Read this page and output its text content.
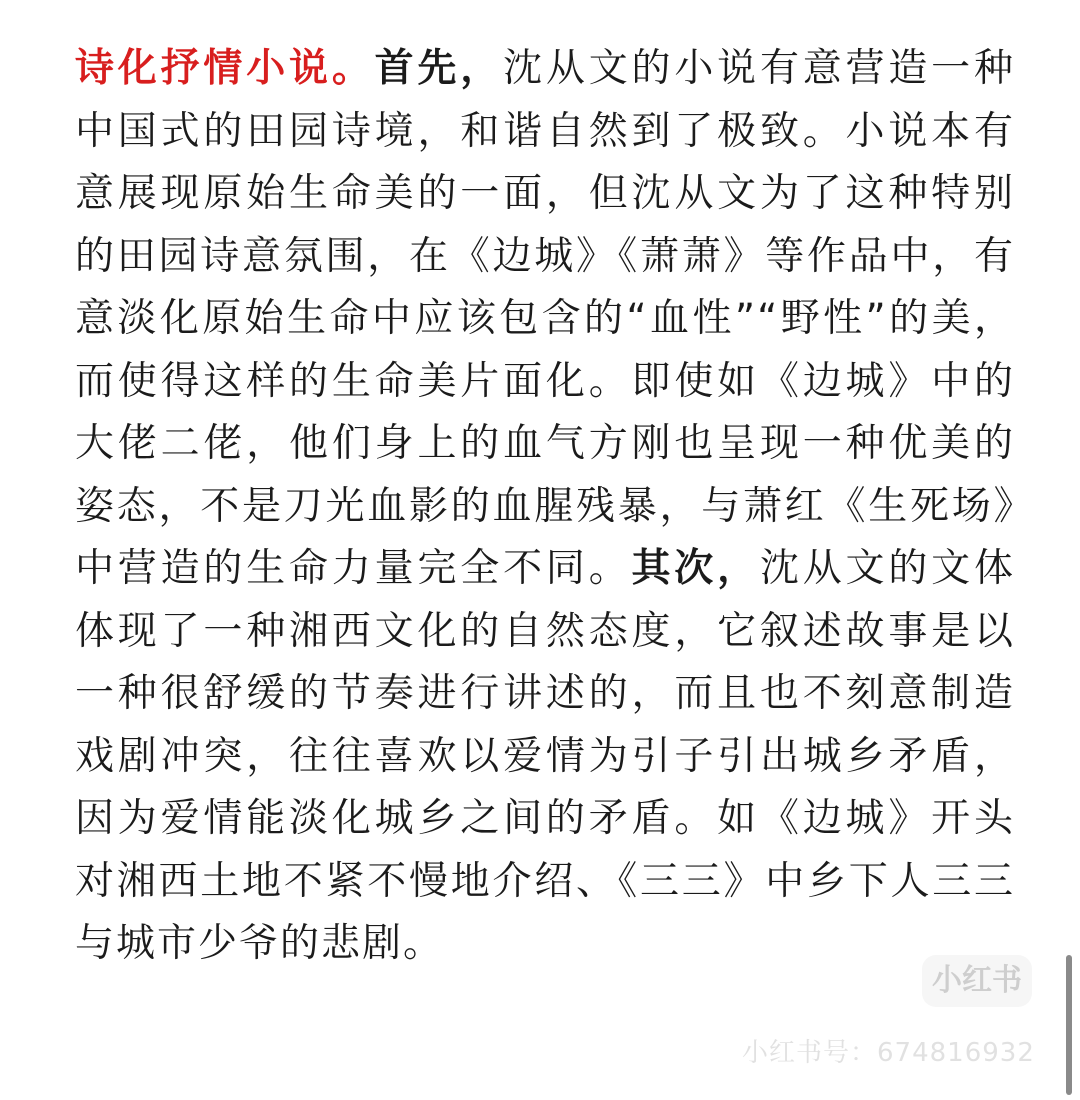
诗化抒情小说。首先，沈从文的小说有意营造一种中国式的田园诗境，和谐自然到了极致。小说本有意展现原始生命美的一面，但沈从文为了这种特别的田园诗意氛围，在《边城》《萧萧》等作品中，有意淡化原始生命中应该包含的“血性”“野性”的美，而使得这样的生命美片面化。即使如《边城》中的大佬二佬，他们身上的血气方刚也呈现一种优美的姿态，不是刀光血影的血腥残暴，与萧红《生死场》中营造的生命力量完全不同。其次，沈从文的文体体现了一种湘西文化的自然态度，它叙述故事是以一种很舒缓的节奏进行讲述的，而且也不刻意制造戏剧冲突，往往喜欢以爱情为引子引出城乡矛盾，因为爱情能淡化城乡之间的矛盾。如《边城》开头对湘西土地不紧不慢地介绍、《三三》中乡下人三三与城市少爷的悲剧。

小红书
小红书号：674816932
